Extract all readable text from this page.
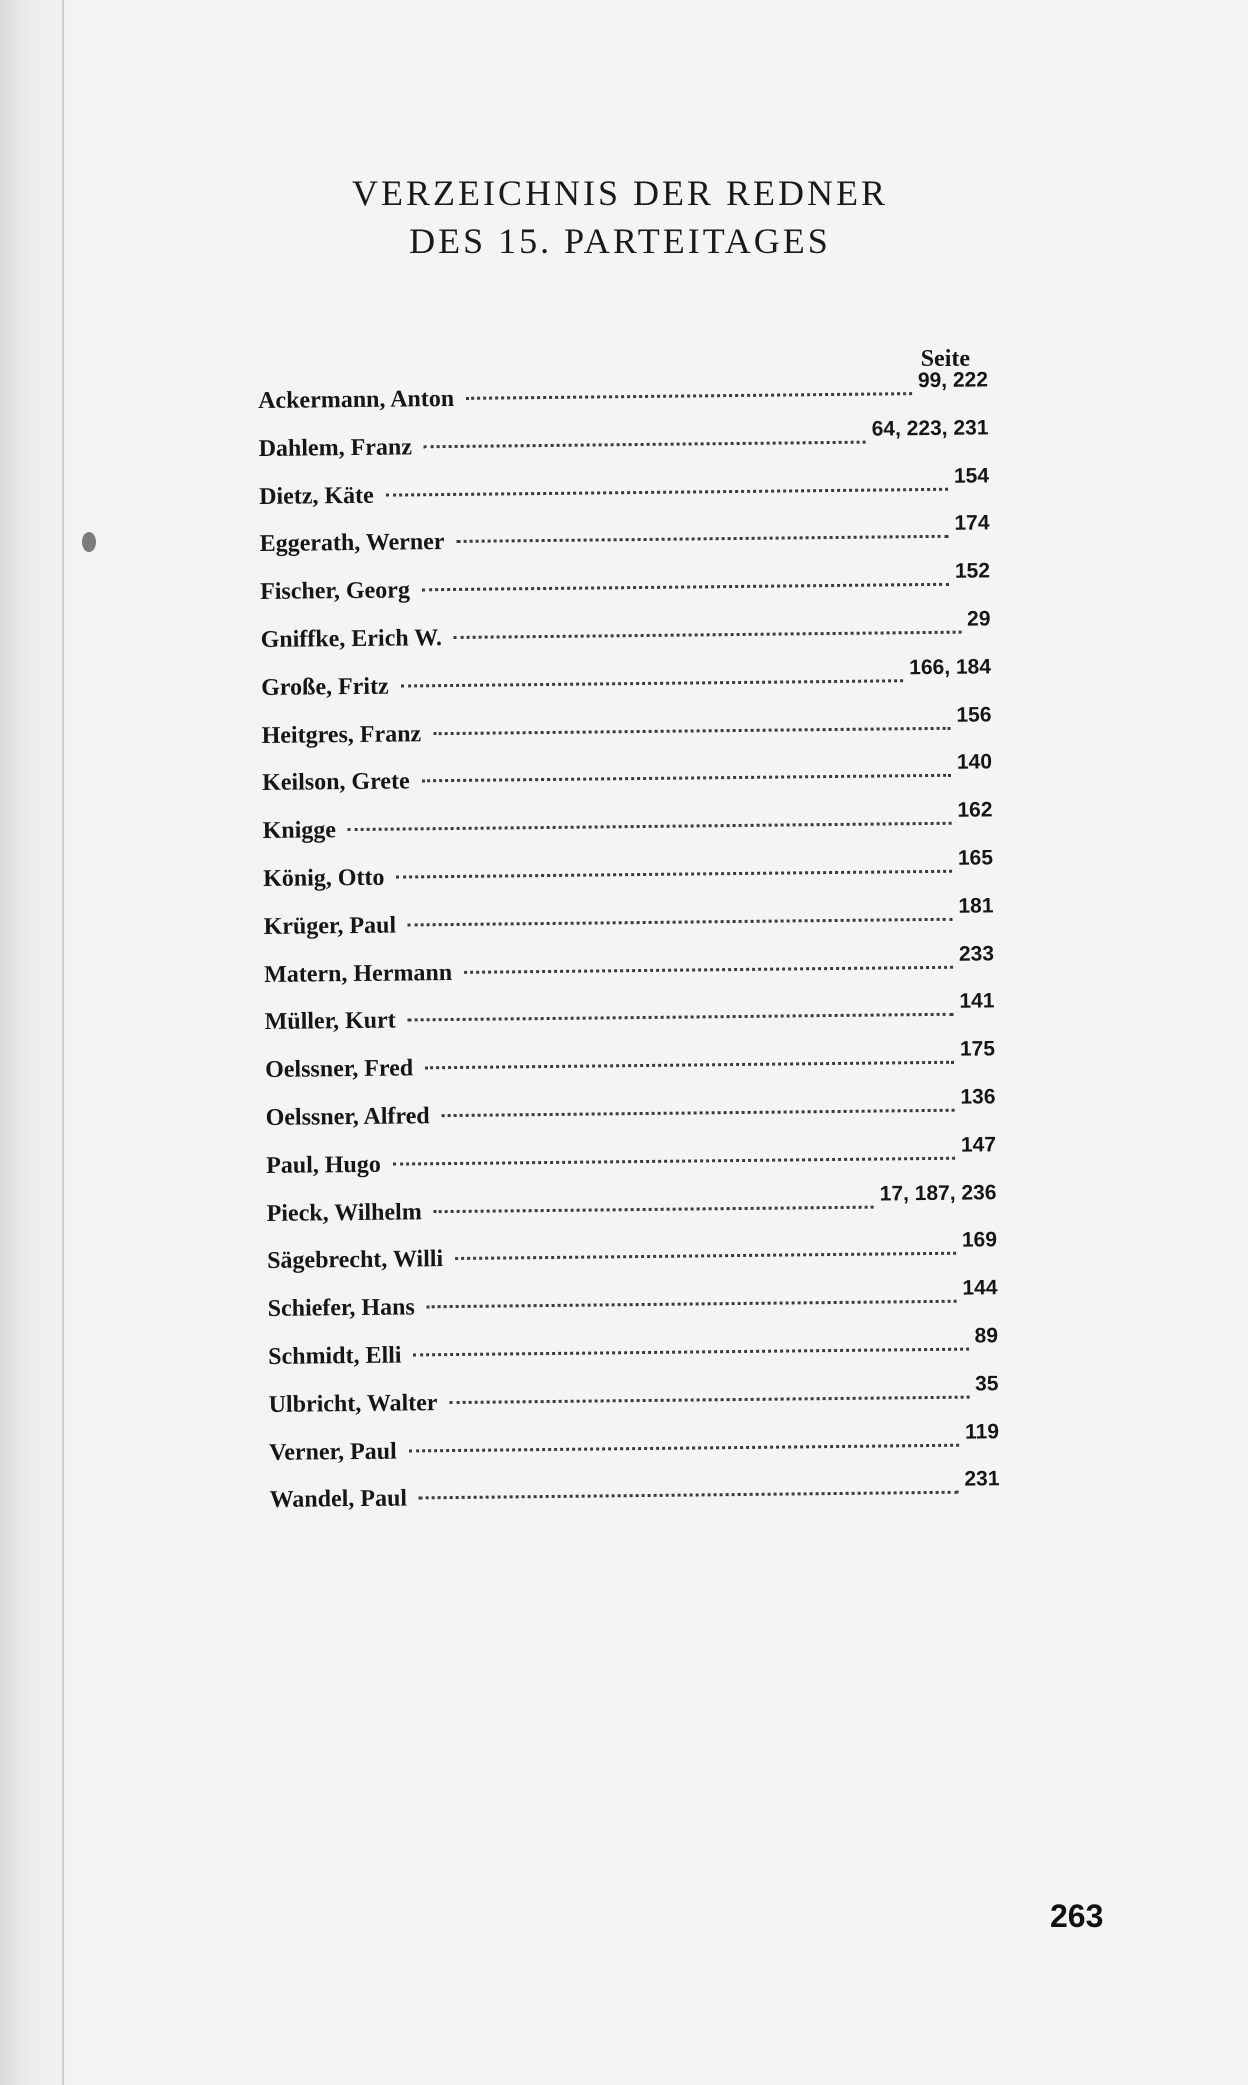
VERZEICHNIS DER REDNER
DES 15. PARTEITAGES
Seite
Ackermann, Anton
99, 222
Dahlem, Franz
64, 223, 231
Dietz, Käte
154
Eggerath, Werner
174
Fischer, Georg
152
Gniffke, Erich W.
29
Große, Fritz
166, 184
Heitgres, Franz
156
Keilson, Grete
140
Knigge
162
König, Otto
165
Krüger, Paul
181
Matern, Hermann
233
Müller, Kurt
141
Oelssner, Fred
175
Oelssner, Alfred
136
Paul, Hugo
147
Pieck, Wilhelm
17, 187, 236
Sägebrecht, Willi
169
Schiefer, Hans
144
Schmidt, Elli
89
Ulbricht, Walter
35
Verner, Paul
119
Wandel, Paul
231
263
